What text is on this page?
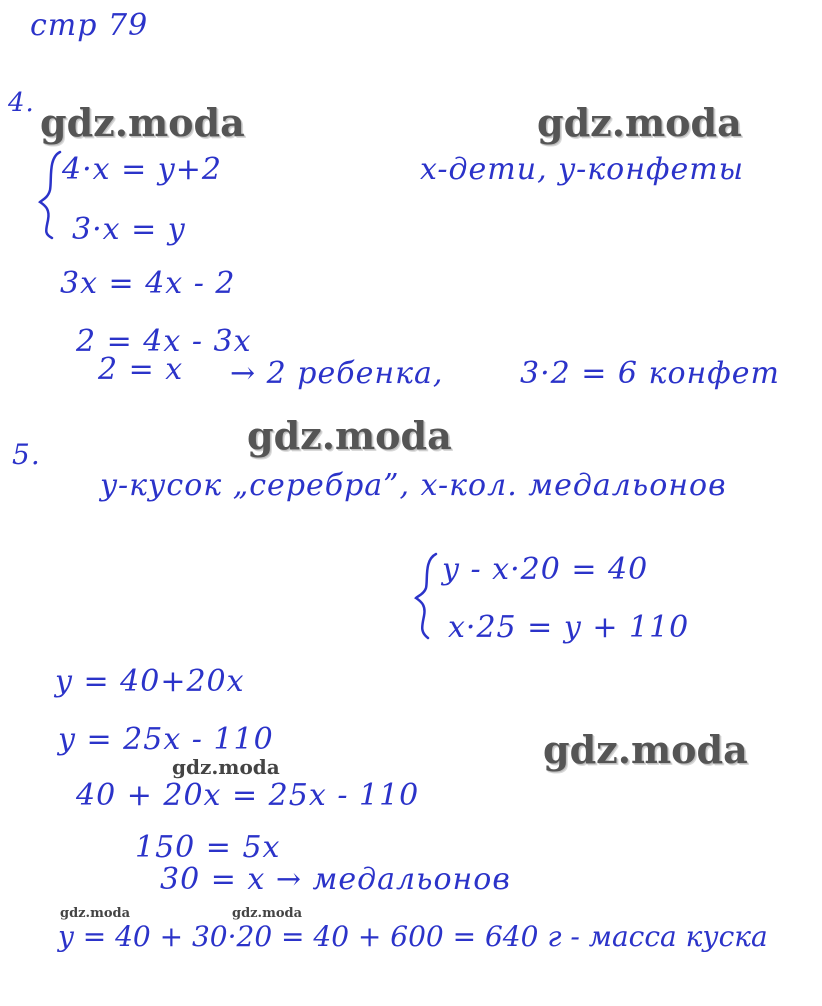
стр 79
gdz.moda	gdz.moda
gdz.moda
gdz.moda
gdz.moda
gdz.moda	gdz.moda
4.
4·x = y+2	x-дети, y-конфеты
3·x = y
3x = 4x - 2
2 = 4x - 3x
2 = x → 2 ребенка,	3·2 = 6 конфет
5.
y-кусок „серебра”, x-кол. медальонов
y - x·20 = 40
x·25 = y + 110
y = 40+20x
y = 25x - 110
40 + 20x = 25x - 110
150 = 5x
30 = x → медальонов
y = 40 + 30·20 = 40 + 600 = 640 г - масса куска
